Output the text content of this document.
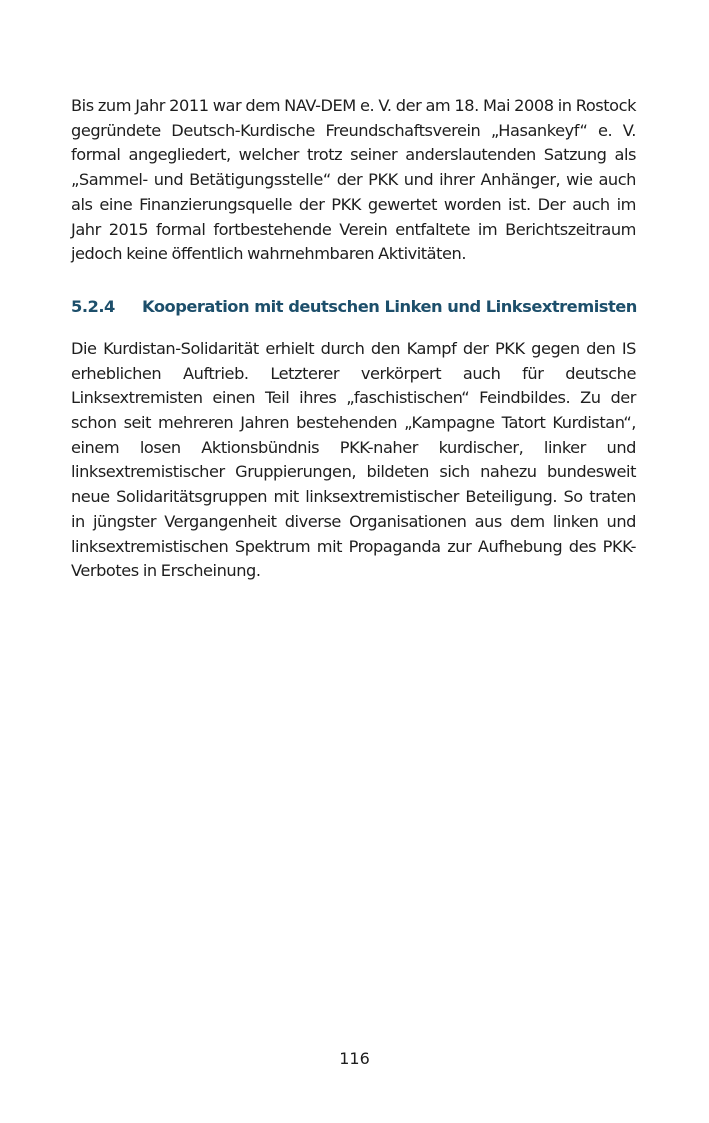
Bis zum Jahr 2011 war dem NAV-DEM e. V. der am 18. Mai 2008 in Rostock gegründete Deutsch-Kurdische Freundschaftsverein „Hasankeyf“ e. V. formal angegliedert, welcher trotz seiner anderslautenden Satzung als „Sammel- und Betätigungsstelle“ der PKK und ihrer Anhänger, wie auch als eine Finanzierungsquelle der PKK gewertet worden ist. Der auch im Jahr 2015 formal fortbestehende Verein entfaltete im Berichtszeitraum jedoch keine öffentlich wahrnehmbaren Aktivitäten.

5.2.4	Kooperation mit deutschen Linken und Linksextremisten

Die Kurdistan-Solidarität erhielt durch den Kampf der PKK gegen den IS erheblichen Auftrieb. Letzterer verkörpert auch für deutsche Linksextremisten einen Teil ihres „faschistischen“ Feindbildes. Zu der schon seit mehreren Jahren bestehenden „Kampagne Tatort Kurdistan“, einem losen Aktionsbündnis PKK-naher kurdischer, linker und linksextremistischer Gruppierungen, bildeten sich nahezu bundesweit neue Solidaritätsgruppen mit linksextremistischer Beteiligung. So traten in jüngster Vergangenheit diverse Organisationen aus dem linken und linksextremistischen Spektrum mit Propaganda zur Aufhebung des PKK-Verbotes in Erscheinung.

116
